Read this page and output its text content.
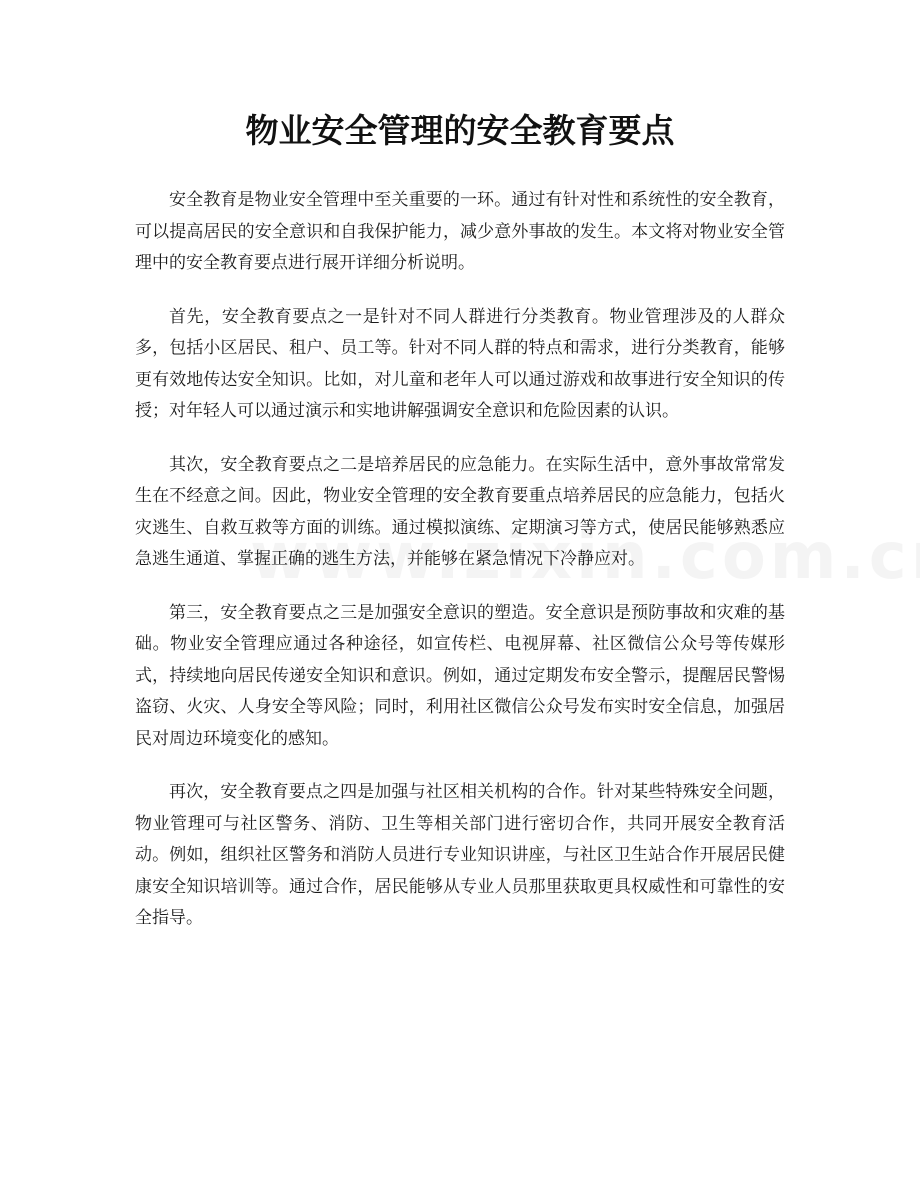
物业安全管理的安全教育要点

安全教育是物业安全管理中至关重要的一环。通过有针对性和系统性的安全教育，可以提高居民的安全意识和自我保护能力，减少意外事故的发生。本文将对物业安全管理中的安全教育要点进行展开详细分析说明。

首先，安全教育要点之一是针对不同人群进行分类教育。物业管理涉及的人群众多，包括小区居民、租户、员工等。针对不同人群的特点和需求，进行分类教育，能够更有效地传达安全知识。比如，对儿童和老年人可以通过游戏和故事进行安全知识的传授；对年轻人可以通过演示和实地讲解强调安全意识和危险因素的认识。

其次，安全教育要点之二是培养居民的应急能力。在实际生活中，意外事故常常发生在不经意之间。因此，物业安全管理的安全教育要重点培养居民的应急能力，包括火灾逃生、自救互救等方面的训练。通过模拟演练、定期演习等方式，使居民能够熟悉应急逃生通道、掌握正确的逃生方法，并能够在紧急情况下冷静应对。

第三，安全教育要点之三是加强安全意识的塑造。安全意识是预防事故和灾难的基础。物业安全管理应通过各种途径，如宣传栏、电视屏幕、社区微信公众号等传媒形式，持续地向居民传递安全知识和意识。例如，通过定期发布安全警示，提醒居民警惕盗窃、火灾、人身安全等风险；同时，利用社区微信公众号发布实时安全信息，加强居民对周边环境变化的感知。

再次，安全教育要点之四是加强与社区相关机构的合作。针对某些特殊安全问题，物业管理可与社区警务、消防、卫生等相关部门进行密切合作，共同开展安全教育活动。例如，组织社区警务和消防人员进行专业知识讲座，与社区卫生站合作开展居民健康安全知识培训等。通过合作，居民能够从专业人员那里获取更具权威性和可靠性的安全指导。
